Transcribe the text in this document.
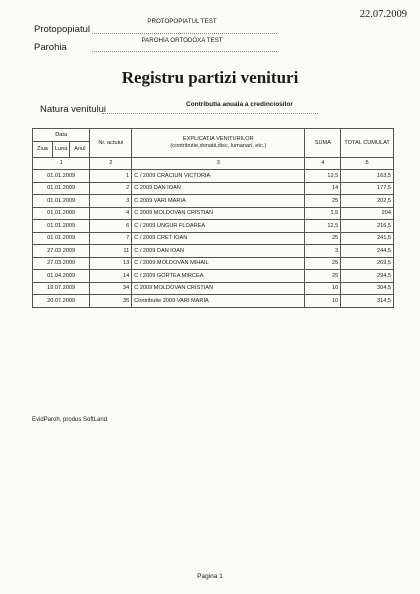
22.07.2009
PROTOPOPIATUL TEST
Protopopiatul
PAROHIA ORTODOXA TEST
Parohia
Registru partizi venituri
Natura venitului	Contributia anuala a credinciosilor
Data			Nr. actului	EXPLICATIA VENITURILOR
(contributie,donatii,disc, lumanari, etc.)	SUMA	TOTAL CUMULAT
Ziua	Luna	Anul				
1			2	3	4	5
01.01.2009			1	C / 2009 CRACIUN VICTORIA	12,5	163,5
01.01.2009			2	C 2009 DAN IOAN	14	177,5
01.01.2009			3	C 2009 VARI MARIA	25	202,5
01.01.2009			4	C 2009 MOLDOVAN CRISTIAN	1,5	204
01.01.2009			6	C / 2009 UNGUR FLOAREA	12,5	216,5
01.01.2009			7	C / 2009 CRET IOAN	25	241,5
27.03.2009			11	C / 2009 DAN IOAN	3	244,5
27.03.2009			13	C / 2009 MOLDOVAN MIHAIL	25	269,5
01.04.2009			14	C / 2009 GORTEA MIRCEA	25	294,5
19.07.2009			34	C 2009 MOLDOVAN CRISTIAN	10	304,5
20.07.2009			35	Contributie 2009 VARI MARIA	10	314,5
EvidParoh, produs SoftLand
Pagina 1
